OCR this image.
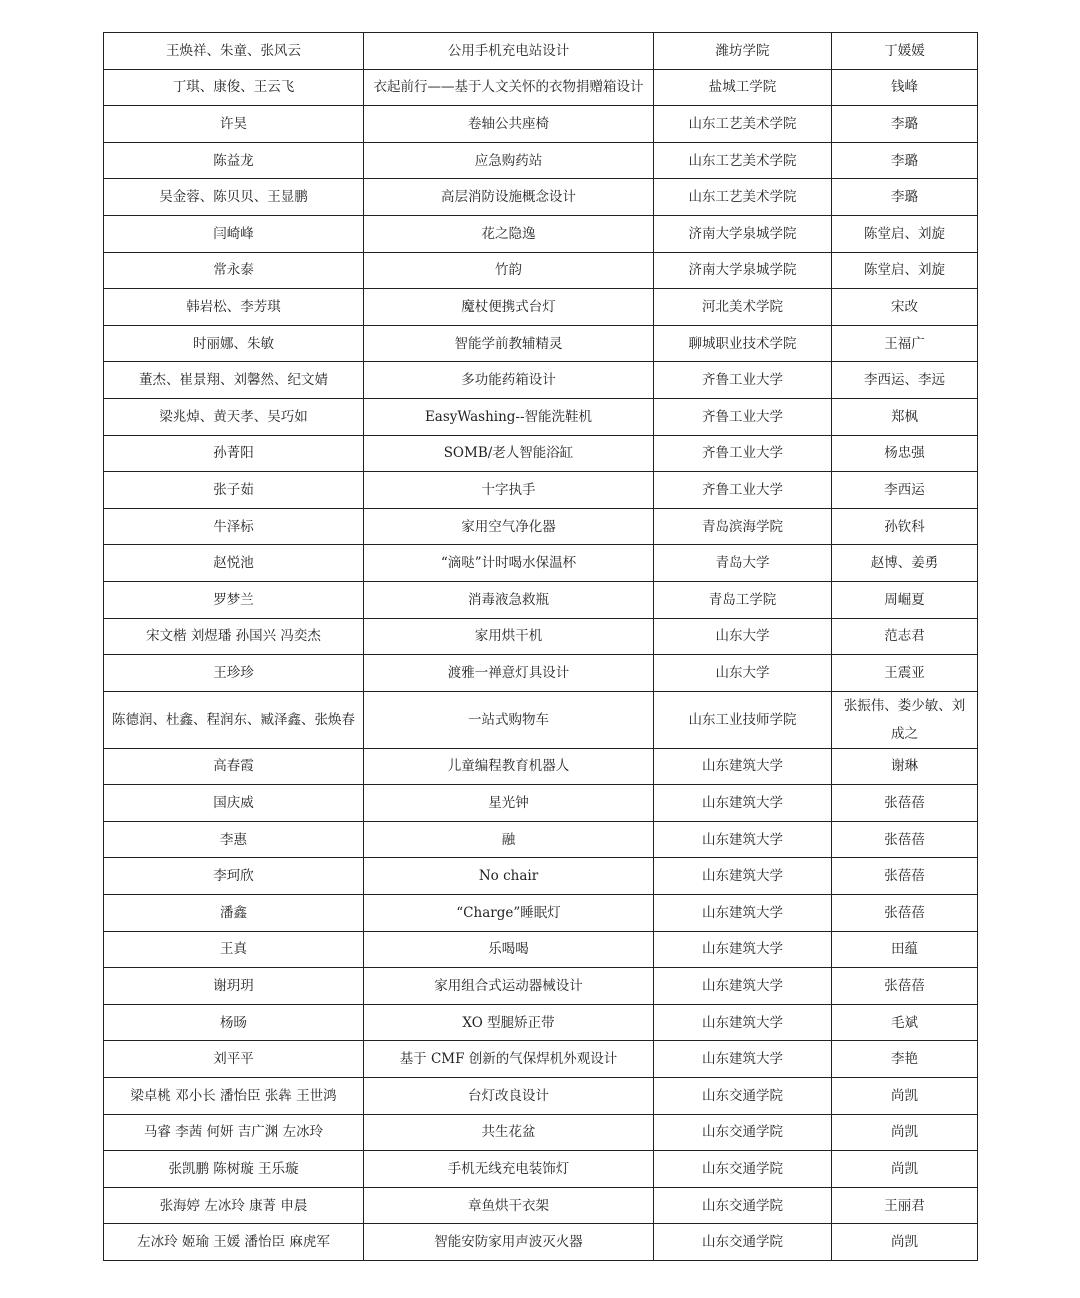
王焕祥、朱童、张风云	公用手机充电站设计	潍坊学院	丁媛媛
丁琪、康俊、王云飞	衣起前行——基于人文关怀的衣物捐赠箱设计	盐城工学院	钱峰
许昊	卷轴公共座椅	山东工艺美术学院	李璐
陈益龙	应急购药站	山东工艺美术学院	李璐
吴金蓉、陈贝贝、王显鹏	高层消防设施概念设计	山东工艺美术学院	李璐
闫崎峰	花之隐逸	济南大学泉城学院	陈堂启、刘旋
常永泰	竹韵	济南大学泉城学院	陈堂启、刘旋
韩岩松、李芳琪	魔杖便携式台灯	河北美术学院	宋改
时丽娜、朱敏	智能学前教辅精灵	聊城职业技术学院	王福广
董杰、崔景翔、刘馨然、纪文婧	多功能药箱设计	齐鲁工业大学	李西运、李远
梁兆焯、黄天孝、吴巧如	EasyWashing--智能洗鞋机	齐鲁工业大学	郑枫
孙菁阳	SOMB/老人智能浴缸	齐鲁工业大学	杨忠强
张子茹	十字执手	齐鲁工业大学	李西运
牛泽标	家用空气净化器	青岛滨海学院	孙钦科
赵悦池	“滴哒”计时喝水保温杯	青岛大学	赵博、姜勇
罗梦兰	消毒液急救瓶	青岛工学院	周崛夏
宋文楷 刘煜璠 孙国兴 冯奕杰	家用烘干机	山东大学	范志君
王珍珍	渡雅一禅意灯具设计	山东大学	王震亚
陈德润、杜鑫、程润东、臧泽鑫、张焕春	一站式购物车	山东工业技师学院	张振伟、娄少敏、刘成之
高春霞	儿童编程教育机器人	山东建筑大学	谢琳
国庆威	星光钟	山东建筑大学	张蓓蓓
李惠	融	山东建筑大学	张蓓蓓
李珂欣	No chair	山东建筑大学	张蓓蓓
潘鑫	“Charge”睡眠灯	山东建筑大学	张蓓蓓
王真	乐喝喝	山东建筑大学	田蕴
谢玥玥	家用组合式运动器械设计	山东建筑大学	张蓓蓓
杨旸	XO 型腿矫正带	山东建筑大学	毛斌
刘平平	基于 CMF 创新的气保焊机外观设计	山东建筑大学	李艳
梁卓桃 邓小长 潘怡臣 张犇 王世鸿	台灯改良设计	山东交通学院	尚凯
马睿 李茜 何妍 吉广渊 左冰玲	共生花盆	山东交通学院	尚凯
张凯鹏 陈树璇 王乐璇	手机无线充电装饰灯	山东交通学院	尚凯
张海婷 左冰玲 康菁 申晨	章鱼烘干衣架	山东交通学院	王丽君
左冰玲 姬瑜 王媛 潘怡臣 麻虎军	智能安防家用声波灭火器	山东交通学院	尚凯
